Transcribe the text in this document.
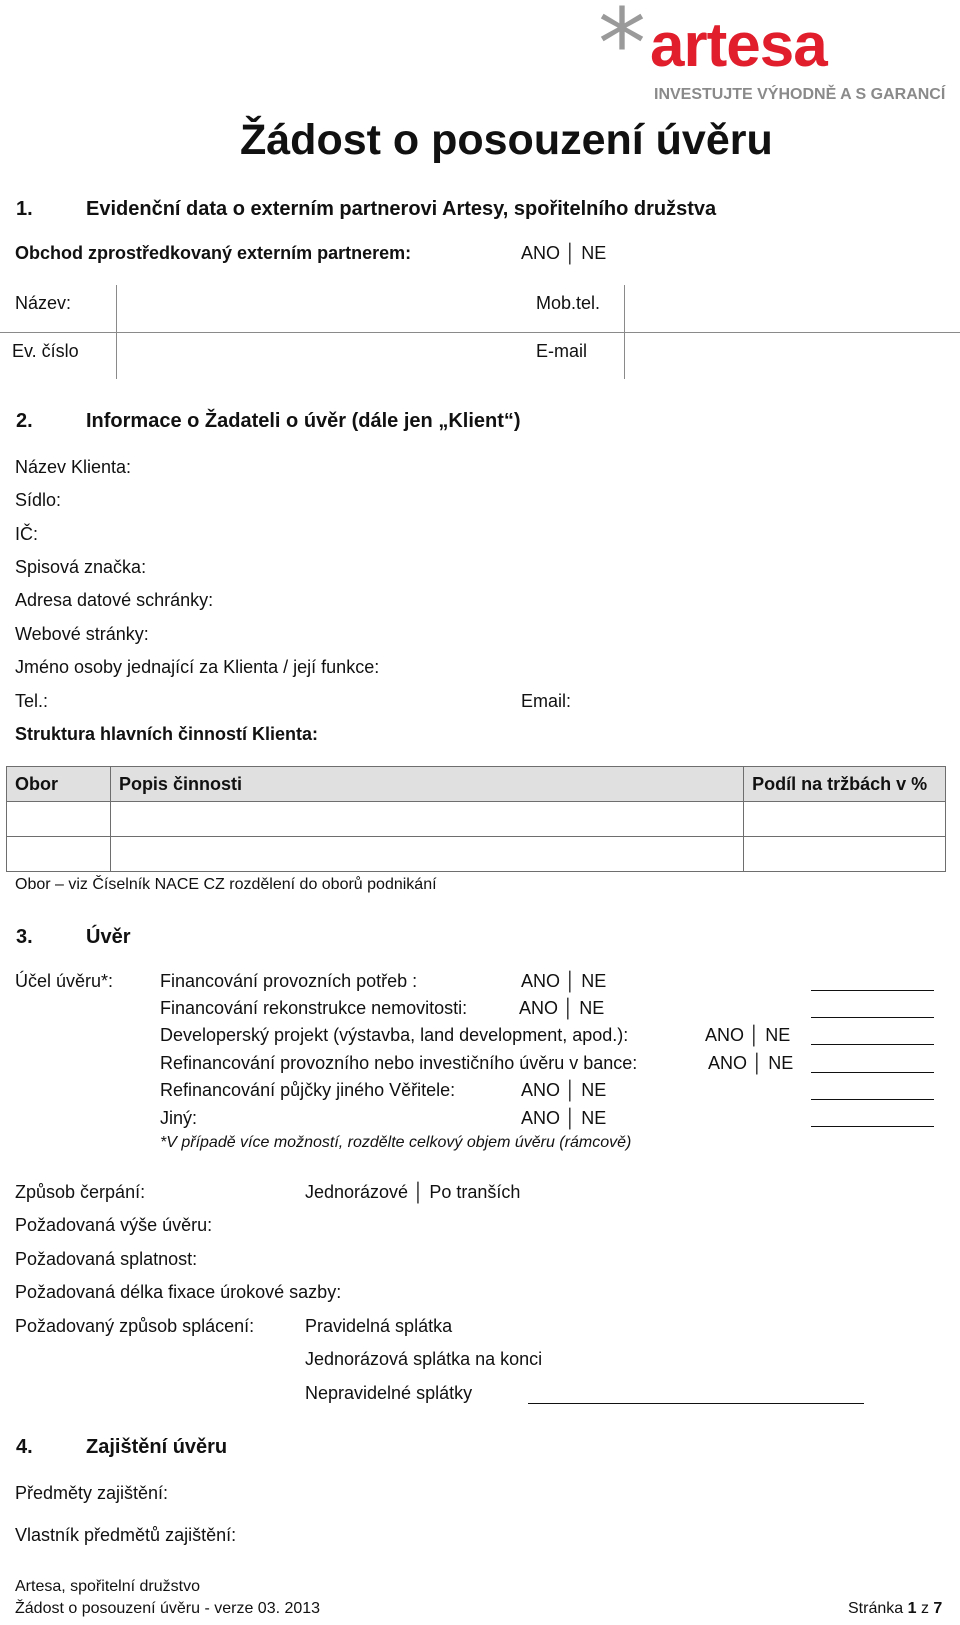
* artesa
INVESTUJTE VÝHODNĚ A S GARANCÍ
Žádost o posouzení úvěru
1.	Evidenční data o externím partnerovi Artesy, spořitelního družstva
Obchod zprostředkovaný externím partnerem:	ANO │ NE
Název:	Mob.tel.
Ev. číslo	E-mail
2.	Informace o Žadateli o úvěr (dále jen „Klient“)
Název Klienta:
Sídlo:
IČ:
Spisová značka:
Adresa datové schránky:
Webové stránky:
Jméno osoby jednající za Klienta / její funkce:
Tel.:	Email:
Struktura hlavních činností Klienta:
Obor	Popis činnosti	Podíl na tržbách v %

Obor – viz Číselník NACE CZ rozdělení do oborů podnikání
3.	Úvěr
Účel úvěru*:	Financování provozních potřeb :	ANO │ NE
Financování rekonstrukce nemovitosti:	ANO │ NE
Developerský projekt (výstavba, land development, apod.):	ANO │ NE
Refinancování provozního nebo investičního úvěru v bance:	ANO │ NE
Refinancování půjčky jiného Věřitele:	ANO │ NE
Jiný:	ANO │ NE
*V případě více možností, rozdělte celkový objem úvěru (rámcově)
Způsob čerpání:	Jednorázové │ Po tranších
Požadovaná výše úvěru:
Požadovaná splatnost:
Požadovaná délka fixace úrokové sazby:
Požadovaný způsob splácení:	Pravidelná splátka
Jednorázová splátka na konci
Nepravidelné splátky
4.	Zajištění úvěru
Předměty zajištění:
Vlastník předmětů zajištění:
Artesa, spořitelní družstvo
Žádost o posouzení úvěru - verze 03. 2013	Stránka 1 z 7
